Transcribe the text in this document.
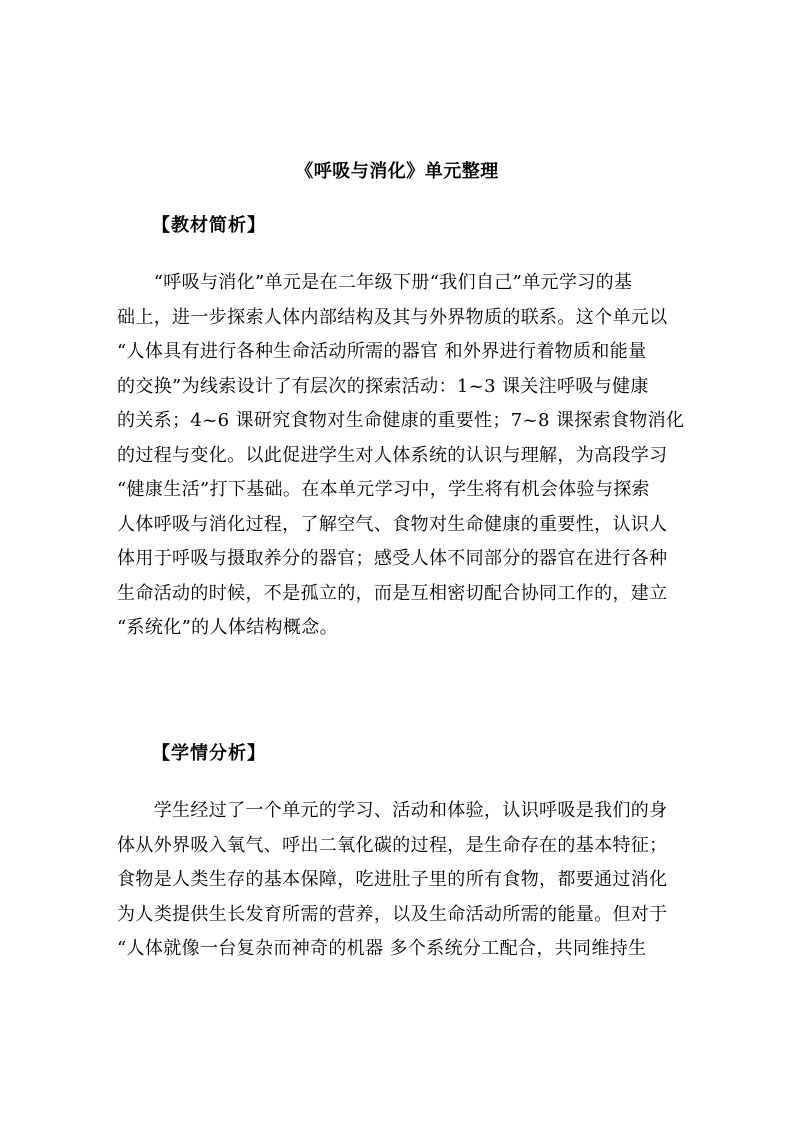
《呼吸与消化》单元整理
【教材简析】
　　“呼吸与消化”单元是在二年级下册“我们自己”单元学习的基
础上，进一步探索人体内部结构及其与外界物质的联系。这个单元以
“人体具有进行各种生命活动所需的器官 和外界进行着物质和能量
的交换”为线索设计了有层次的探索活动：1~3 课关注呼吸与健康
的关系；4~6 课研究食物对生命健康的重要性；7~8 课探索食物消化
的过程与变化。以此促进学生对人体系统的认识与理解，为高段学习
“健康生活”打下基础。在本单元学习中，学生将有机会体验与探索
人体呼吸与消化过程，了解空气、食物对生命健康的重要性，认识人
体用于呼吸与摄取养分的器官；感受人体不同部分的器官在进行各种
生命活动的时候，不是孤立的，而是互相密切配合协同工作的，建立
“系统化”的人体结构概念。
【学情分析】
　　学生经过了一个单元的学习、活动和体验，认识呼吸是我们的身
体从外界吸入氧气、呼出二氧化碳的过程，是生命存在的基本特征；
食物是人类生存的基本保障，吃进肚子里的所有食物，都要通过消化
为人类提供生长发育所需的营养，以及生命活动所需的能量。但对于
“人体就像一台复杂而神奇的机器 多个系统分工配合，共同维持生
